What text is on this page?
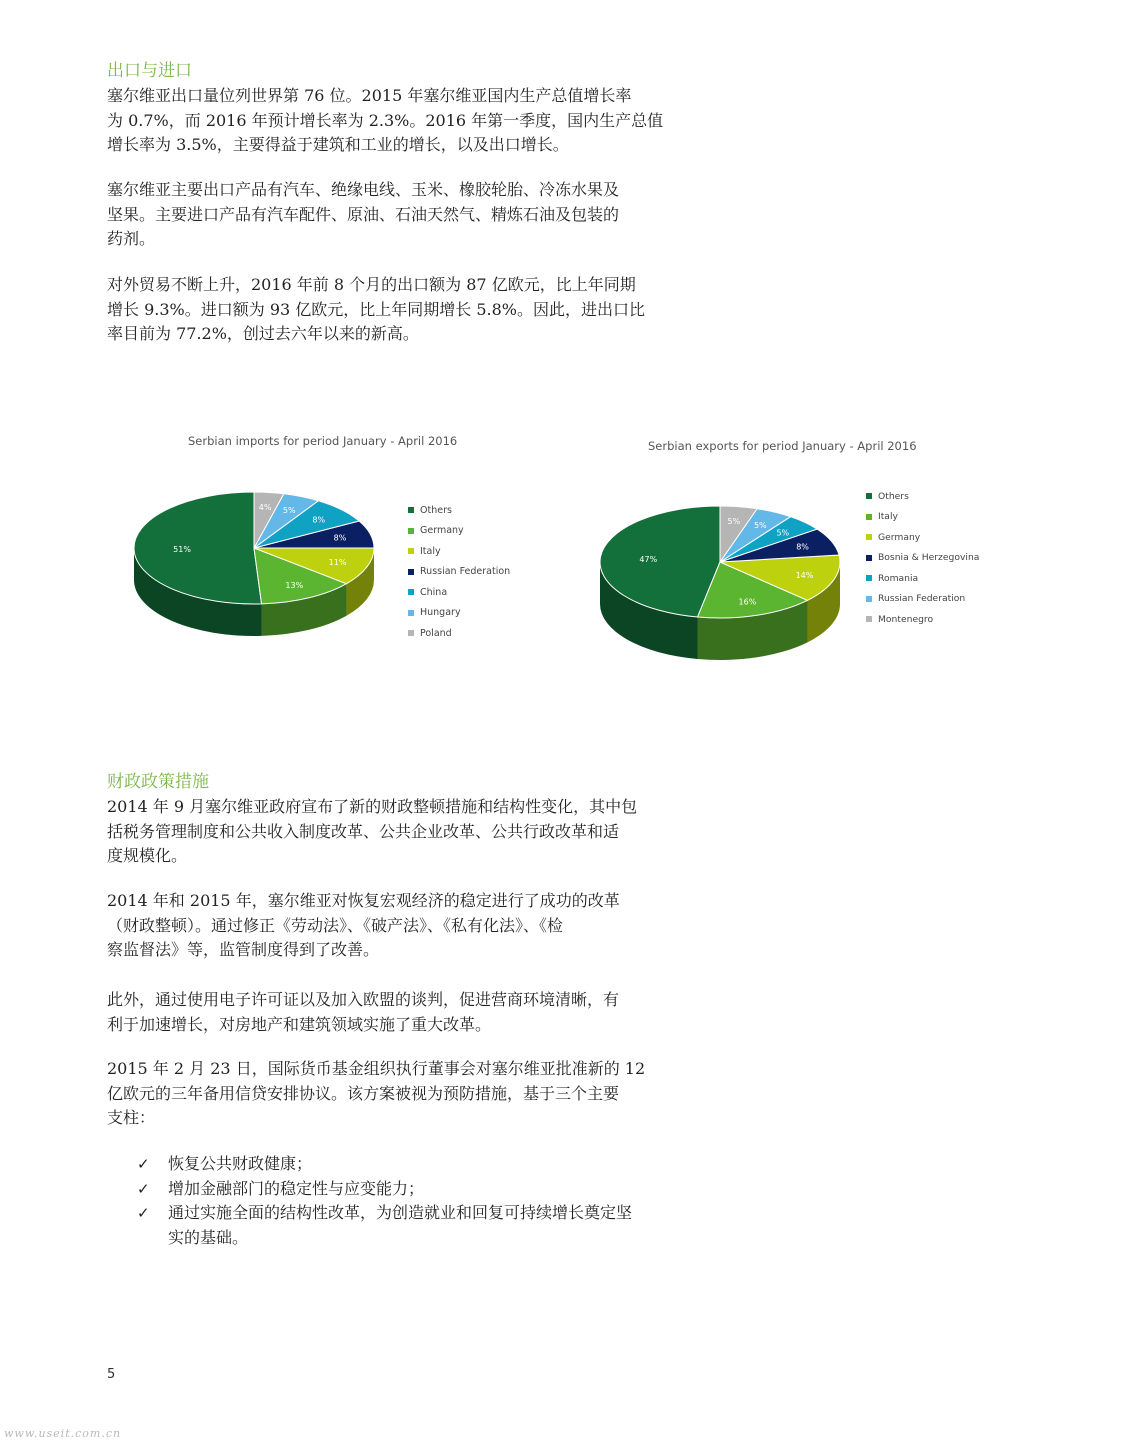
出口与进口

塞尔维亚出口量位列世界第 76 位。2015 年塞尔维亚国内生产总值增长率
为 0.7%，而 2016 年预计增长率为 2.3%。2016 年第一季度，国内生产总值
增长率为 3.5%，主要得益于建筑和工业的增长，以及出口增长。

塞尔维亚主要出口产品有汽车、绝缘电线、玉米、橡胶轮胎、冷冻水果及
坚果。主要进口产品有汽车配件、原油、石油天然气、精炼石油及包装的
药剂。

对外贸易不断上升，2016 年前 8 个月的出口额为 87 亿欧元，比上年同期
增长 9.3%。进口额为 93 亿欧元，比上年同期增长 5.8%。因此，进出口比
率目前为 77.2%，创过去六年以来的新高。

Serbian imports for period January - April 2016

51%
13%
11%
8%
8%
5%
4%	Others
Germany
Italy
Russian Federation
China
Hungary
Poland

Serbian exports for period January - April 2016

47%
16%
14%
8%
5%
5%
5%
Others
Italy
Germany
Bosnia & Herzegovina
Romania
Russian Federation
Montenegro
财政政策措施

2014 年 9 月塞尔维亚政府宣布了新的财政整顿措施和结构性变化，其中包
括税务管理制度和公共收入制度改革、公共企业改革、公共行政改革和适
度规模化。

2014 年和 2015 年，塞尔维亚对恢复宏观经济的稳定进行了成功的改革
（财政整顿）。通过修正《劳动法》、《破产法》、《私有化法》、《检
察监督法》等，监管制度得到了改善。

此外，通过使用电子许可证以及加入欧盟的谈判，促进营商环境清晰，有
利于加速增长，对房地产和建筑领域实施了重大改革。

2015 年 2 月 23 日，国际货币基金组织执行董事会对塞尔维亚批准新的 12
亿欧元的三年备用信贷安排协议。该方案被视为预防措施，基于三个主要
支柱：

✓ 恢复公共财政健康；
✓ 增加金融部门的稳定性与应变能力；
✓ 通过实施全面的结构性改革，为创造就业和回复可持续增长奠定坚
实的基础。

5

www.useit.com.cn
